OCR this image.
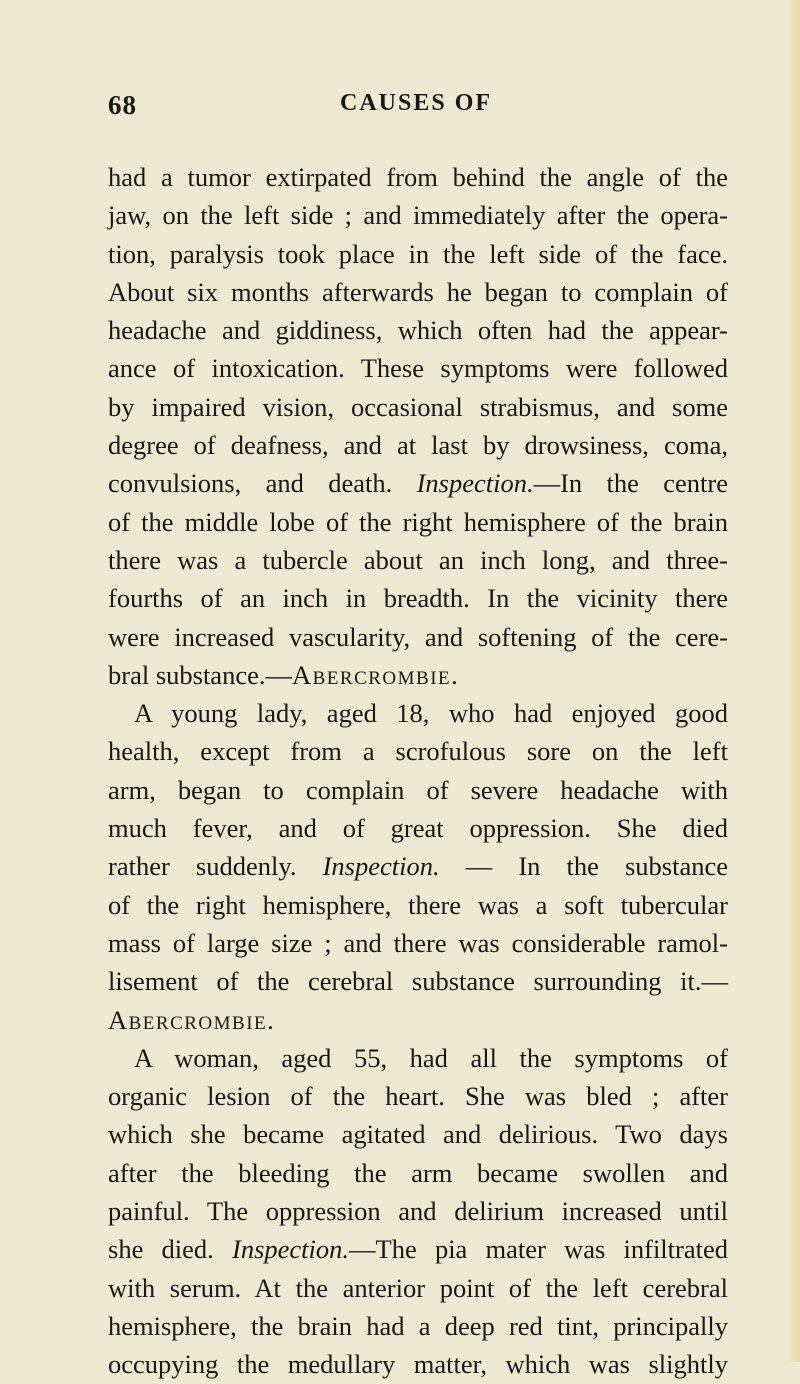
68	CAUSES OF
had a tumor extirpated from behind the angle of the
jaw, on the left side ; and immediately after the opera-
tion, paralysis took place in the left side of the face.
About six months afterwards he began to complain of
headache and giddiness, which often had the appear-
ance of intoxication. These symptoms were followed
by impaired vision, occasional strabismus, and some
degree of deafness, and at last by drowsiness, coma,
convulsions, and death. Inspection.—In the centre
of the middle lobe of the right hemisphere of the brain
there was a tubercle about an inch long, and three-
fourths of an inch in breadth. In the vicinity there
were increased vascularity, and softening of the cere-
bral substance.—Abercrombie.
A young lady, aged 18, who had enjoyed good
health, except from a scrofulous sore on the left
arm, began to complain of severe headache with
much fever, and of great oppression. She died
rather suddenly. Inspection. — In the substance
of the right hemisphere, there was a soft tubercular
mass of large size ; and there was considerable ramol-
lisement of the cerebral substance surrounding it.—
Abercrombie.
A woman, aged 55, had all the symptoms of
organic lesion of the heart. She was bled ; after
which she became agitated and delirious. Two days
after the bleeding the arm became swollen and
painful. The oppression and delirium increased until
she died. Inspection.—The pia mater was infiltrated
with serum. At the anterior point of the left cerebral
hemisphere, the brain had a deep red tint, principally
occupying the medullary matter, which was slightly
